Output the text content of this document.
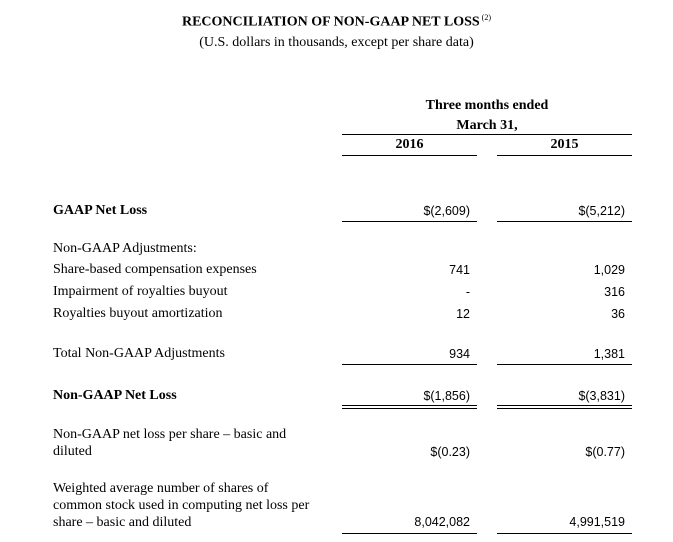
RECONCILIATION OF NON-GAAP NET LOSS $^{(2)}$
(U.S. dollars in thousands, except per share data)
Three months ended
March 31,
2016	2015
GAAP Net Loss	$(2,609)	$(5,212)
Non-GAAP Adjustments:
Share-based compensation expenses	741	1,029
Impairment of royalties buyout	-	316
Royalties buyout amortization	12	36
Total Non-GAAP Adjustments	934	1,381
Non-GAAP Net Loss	$(1,856)	$(3,831)
Non-GAAP net loss per share – basic and
diluted	$(0.23)	$(0.77)
Weighted average number of shares of
common stock used in computing net loss per
share – basic and diluted	8,042,082	4,991,519
